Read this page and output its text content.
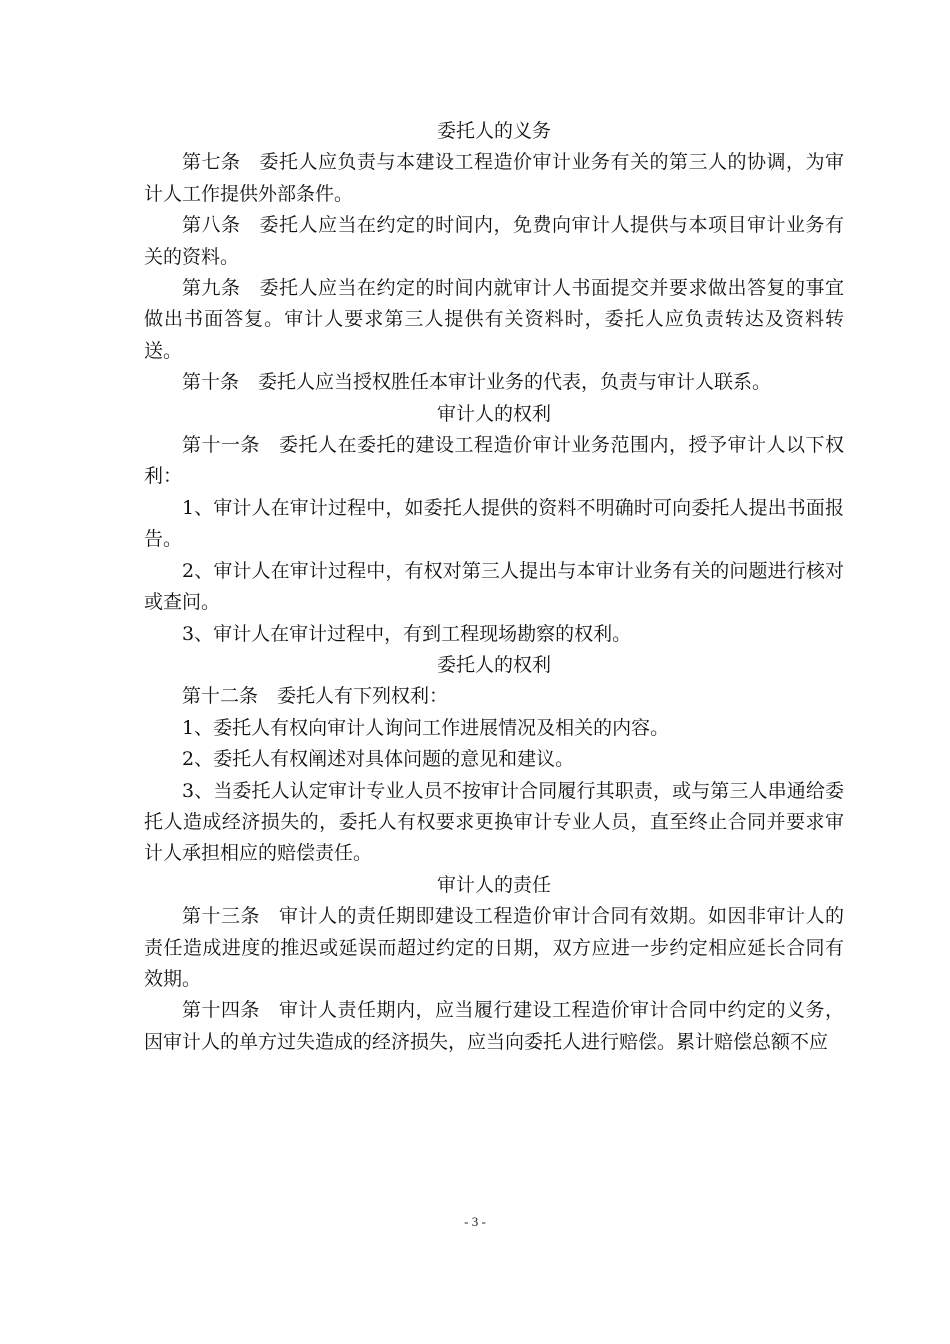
委托人的义务

第七条 委托人应负责与本建设工程造价审计业务有关的第三人的协调，为审计人工作提供外部条件。

第八条 委托人应当在约定的时间内，免费向审计人提供与本项目审计业务有关的资料。

第九条 委托人应当在约定的时间内就审计人书面提交并要求做出答复的事宜做出书面答复。审计人要求第三人提供有关资料时，委托人应负责转达及资料转送。

第十条 委托人应当授权胜任本审计业务的代表，负责与审计人联系。

审计人的权利

第十一条 委托人在委托的建设工程造价审计业务范围内，授予审计人以下权利：

1、审计人在审计过程中，如委托人提供的资料不明确时可向委托人提出书面报告。

2、审计人在审计过程中，有权对第三人提出与本审计业务有关的问题进行核对或查问。

3、审计人在审计过程中，有到工程现场勘察的权利。

委托人的权利

第十二条 委托人有下列权利：

1、委托人有权向审计人询问工作进展情况及相关的内容。

2、委托人有权阐述对具体问题的意见和建议。

3、当委托人认定审计专业人员不按审计合同履行其职责，或与第三人串通给委托人造成经济损失的，委托人有权要求更换审计专业人员，直至终止合同并要求审计人承担相应的赔偿责任。

审计人的责任

第十三条 审计人的责任期即建设工程造价审计合同有效期。如因非审计人的责任造成进度的推迟或延误而超过约定的日期，双方应进一步约定相应延长合同有效期。

第十四条 审计人责任期内，应当履行建设工程造价审计合同中约定的义务，因审计人的单方过失造成的经济损失，应当向委托人进行赔偿。累计赔偿总额不应

- 3 -
